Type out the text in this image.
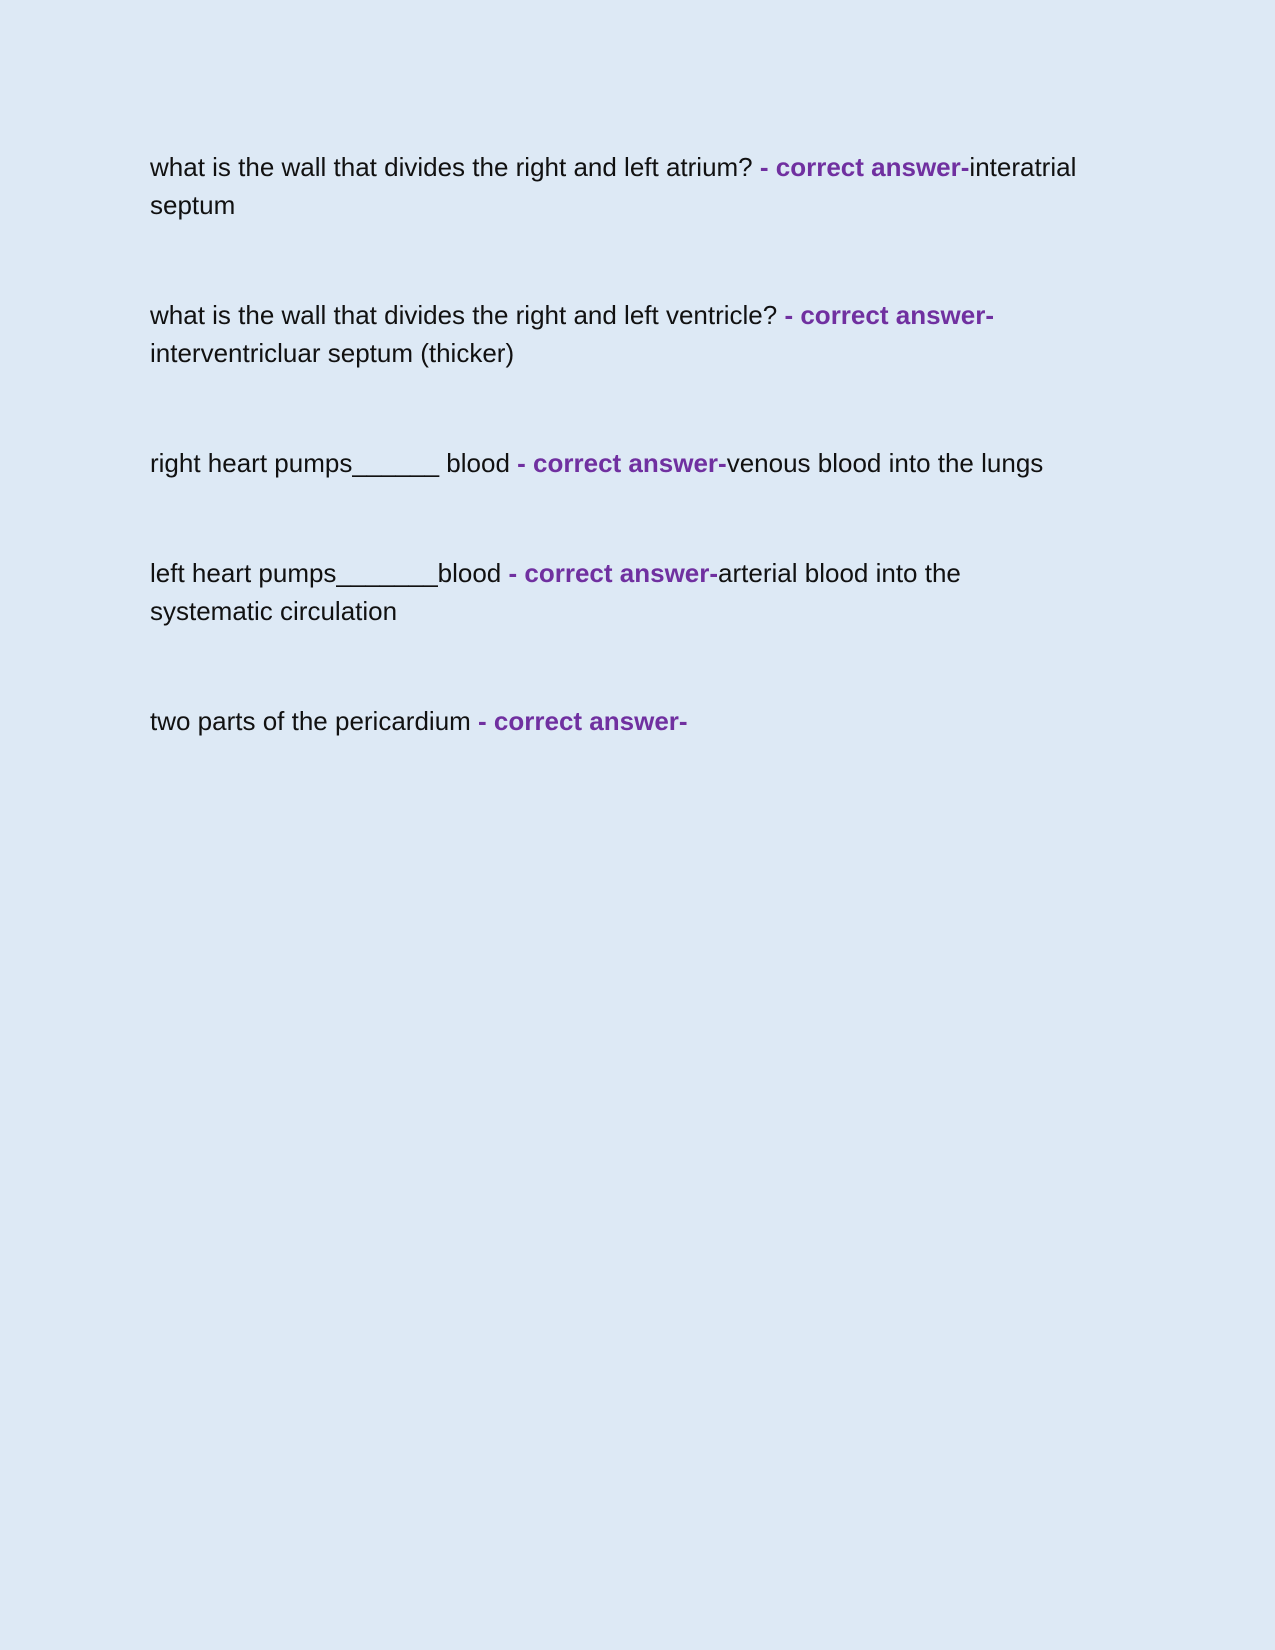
what is the wall that divides the right and left atrium? - correct answer-interatrial septum

what is the wall that divides the right and left ventricle? - correct answer-interventricluar septum (thicker)

right heart pumps______ blood - correct answer-venous blood into the lungs

left heart pumps_______blood - correct answer-arterial blood into the systematic circulation

two parts of the pericardium - correct answer-
